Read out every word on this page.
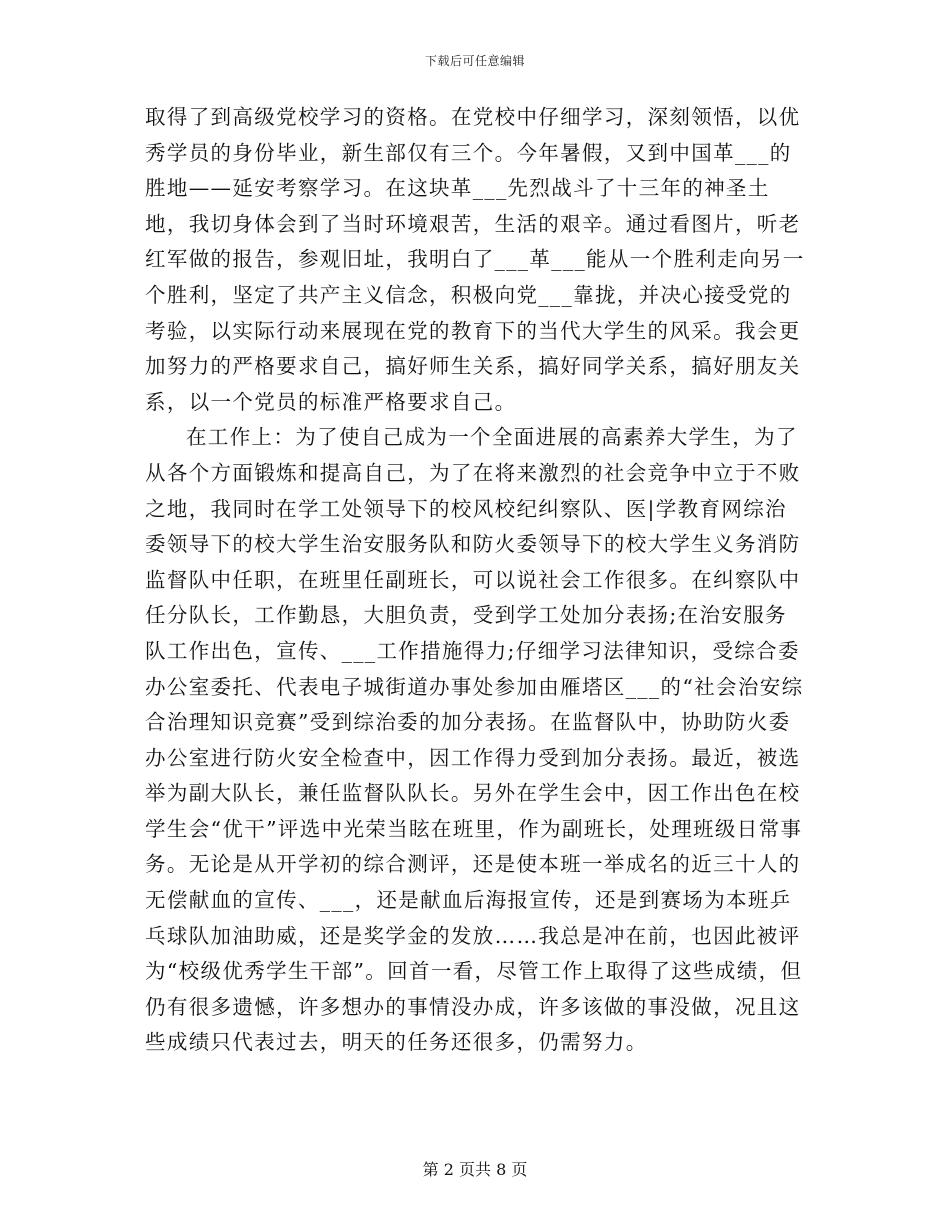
下载后可任意编辑

取得了到高级党校学习的资格。在党校中仔细学习，深刻领悟，以优秀学员的身份毕业，新生部仅有三个。今年暑假，又到中国革___的胜地——延安考察学习。在这块革___先烈战斗了十三年的神圣土地，我切身体会到了当时环境艰苦，生活的艰辛。通过看图片，听老红军做的报告，参观旧址，我明白了___革___能从一个胜利走向另一个胜利，坚定了共产主义信念，积极向党___靠拢，并决心接受党的考验，以实际行动来展现在党的教育下的当代大学生的风采。我会更加努力的严格要求自己，搞好师生关系，搞好同学关系，搞好朋友关系，以一个党员的标准严格要求自己。

在工作上：为了使自己成为一个全面进展的高素养大学生，为了从各个方面锻炼和提高自己，为了在将来激烈的社会竞争中立于不败之地，我同时在学工处领导下的校风校纪纠察队、医|学教育网综治委领导下的校大学生治安服务队和防火委领导下的校大学生义务消防监督队中任职，在班里任副班长，可以说社会工作很多。在纠察队中任分队长，工作勤恳，大胆负责，受到学工处加分表扬;在治安服务队工作出色，宣传、___工作措施得力;仔细学习法律知识，受综合委办公室委托、代表电子城街道办事处参加由雁塔区___的“社会治安综合治理知识竞赛”受到综治委的加分表扬。在监督队中，协助防火委办公室进行防火安全检查中，因工作得力受到加分表扬。最近，被选举为副大队长，兼任监督队队长。另外在学生会中，因工作出色在校学生会“优干”评选中光荣当眩在班里，作为副班长，处理班级日常事务。无论是从开学初的综合测评，还是使本班一举成名的近三十人的无偿献血的宣传、___，还是献血后海报宣传，还是到赛场为本班乒乓球队加油助威，还是奖学金的发放……我总是冲在前，也因此被评为“校级优秀学生干部”。回首一看，尽管工作上取得了这些成绩，但仍有很多遗憾，许多想办的事情没办成，许多该做的事没做，况且这些成绩只代表过去，明天的任务还很多，仍需努力。

第 2 页共 8 页
